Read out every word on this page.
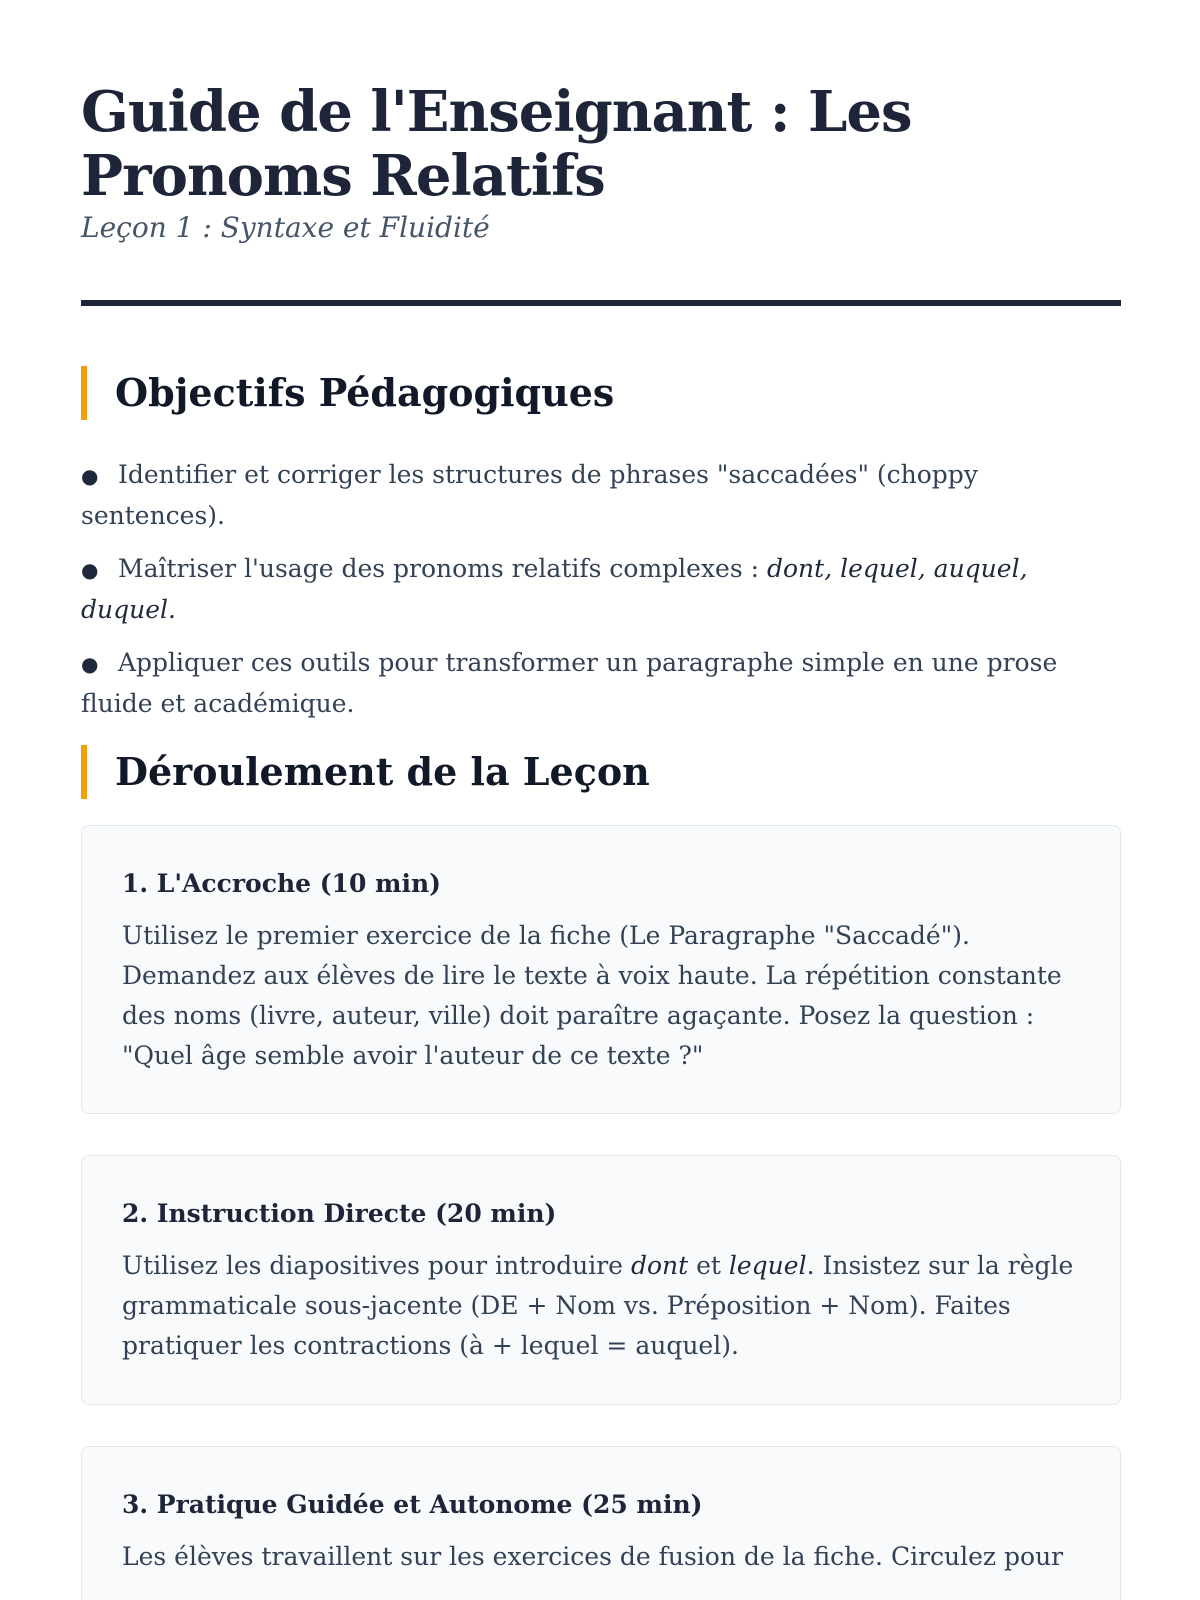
Guide de l'Enseignant : Les Pronoms Relatifs

Leçon 1 : Syntaxe et Fluidité

Objectifs Pédagogiques
● Identifier et corriger les structures de phrases "saccadées" (choppy sentences).
● Maîtriser l'usage des pronoms relatifs complexes : dont, lequel, auquel, duquel.
● Appliquer ces outils pour transformer un paragraphe simple en une prose fluide et académique.
Déroulement de la Leçon
1. L'Accroche (10 min)

Utilisez le premier exercice de la fiche (Le Paragraphe "Saccadé"). Demandez aux élèves de lire le texte à voix haute. La répétition constante des noms (livre, auteur, ville) doit paraître agaçante. Posez la question : "Quel âge semble avoir l'auteur de ce texte ?"

2. Instruction Directe (20 min)

Utilisez les diapositives pour introduire dont et lequel. Insistez sur la règle grammaticale sous-jacente (DE + Nom vs. Préposition + Nom). Faites pratiquer les contractions (à + lequel = auquel).

3. Pratique Guidée et Autonome (25 min)

Les élèves travaillent sur les exercices de fusion de la fiche. Circulez pour
